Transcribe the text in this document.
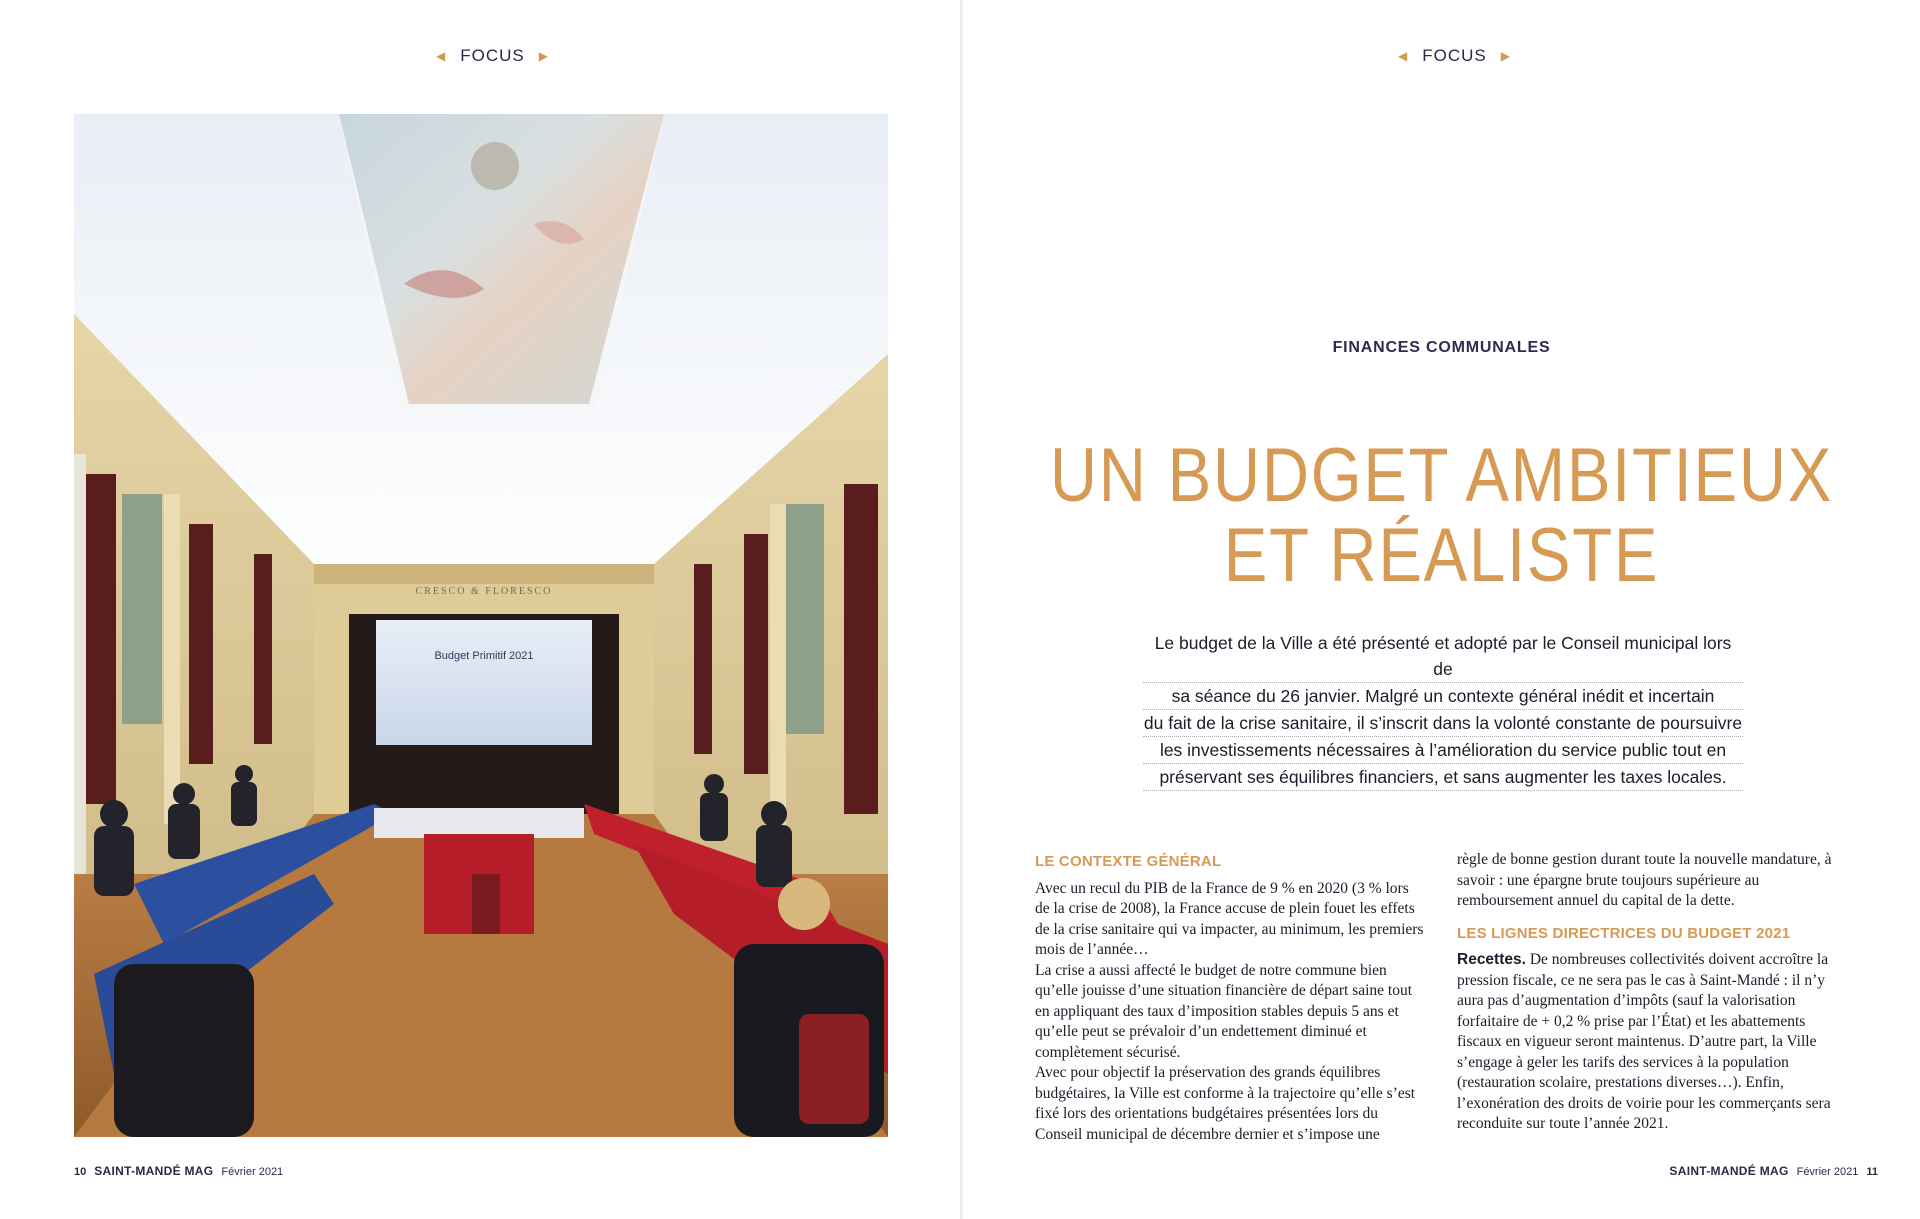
◀ FOCUS ▶
CRESCO & FLORESCO
Budget Primitif 2021
10 SAINT-MANDÉ MAG Février 2021
◀ FOCUS ▶
FINANCES COMMUNALES
UN BUDGET AMBITIEUX
ET RÉALISTE
Le budget de la Ville a été présenté et adopté par le Conseil municipal lors de
sa séance du 26 janvier. Malgré un contexte général inédit et incertain
du fait de la crise sanitaire, il s’inscrit dans la volonté constante de poursuivre
les investissements nécessaires à l’amélioration du service public tout en
préservant ses équilibres financiers, et sans augmenter les taxes locales.
LE CONTEXTE GÉNÉRAL

Avec un recul du PIB de la France de 9 % en 2020 (3 % lors de la crise de 2008), la France accuse de plein fouet les effets de la crise sanitaire qui va impacter, au minimum, les premiers mois de l’année…

La crise a aussi affecté le budget de notre commune bien qu’elle jouisse d’une situation financière de départ saine tout en appliquant des taux d’imposition stables depuis 5 ans et qu’elle peut se prévaloir d’un endettement diminué et complètement sécurisé.

Avec pour objectif la préservation des grands équilibres budgétaires, la Ville est conforme à la trajectoire qu’elle s’est fixé lors des orientations budgétaires présentées lors du Conseil municipal de décembre dernier et s’impose une

règle de bonne gestion durant toute la nouvelle mandature, à savoir : une épargne brute toujours supérieure au remboursement annuel du capital de la dette.

LES LIGNES DIRECTRICES DU BUDGET 2021

Recettes. De nombreuses collectivités doivent accroître la pression fiscale, ce ne sera pas le cas à Saint-Mandé : il n’y aura pas d’augmentation d’impôts (sauf la valorisation forfaitaire de + 0,2 % prise par l’État) et les abattements fiscaux en vigueur seront maintenus. D’autre part, la Ville s’engage à geler les tarifs des services à la population (restauration scolaire, prestations diverses…). Enfin, l’exonération des droits de voirie pour les commerçants sera reconduite sur toute l’année 2021.

SAINT-MANDÉ MAG Février 2021 11
